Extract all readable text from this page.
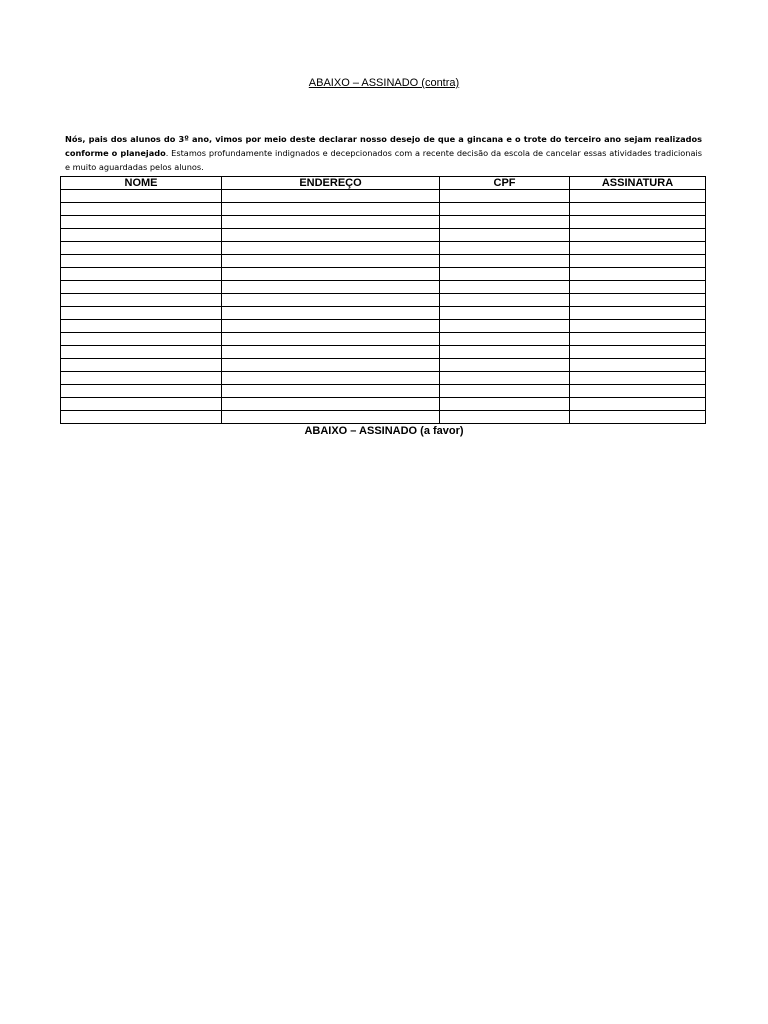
ABAIXO – ASSINADO (contra)

Nós, pais dos alunos do 3º ano, vimos por meio deste declarar nosso desejo de que a gincana e o trote do terceiro ano sejam realizados conforme o planejado. Estamos profundamente indignados e decepcionados com a recente decisão da escola de cancelar essas atividades tradicionais e muito aguardadas pelos alunos.

NOME	ENDEREÇO	CPF	ASSINATURA

ABAIXO – ASSINADO (a favor)
